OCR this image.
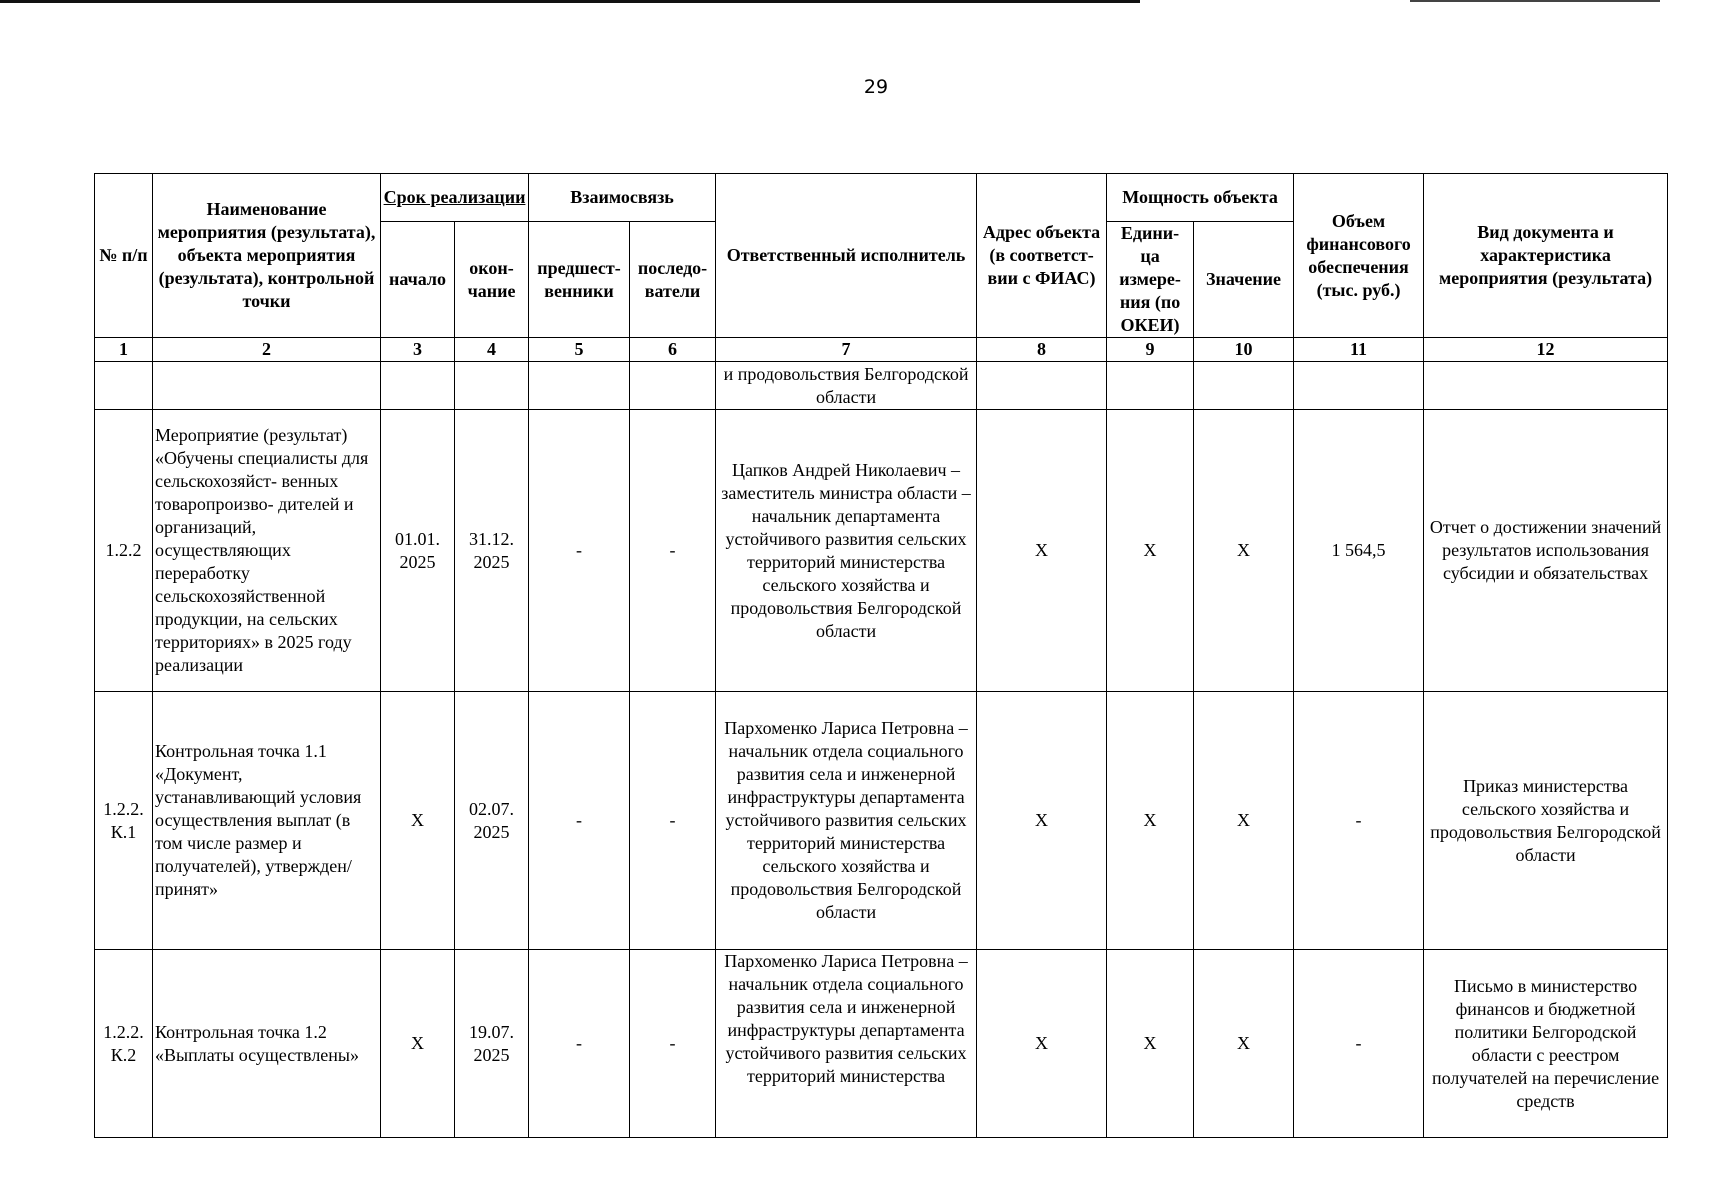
29
№ п/п	Наименование мероприятия (результата), объекта мероприятия (результата), контрольной точки	Срок реализации		Взаимосвязь		Ответственный исполнитель	Адрес объекта (в соответст- вии с ФИАС)	Мощность объекта		Объем финансового обеспечения (тыс. руб.)	Вид документа и характеристика мероприятия (результата)
		начало	окон- чание	предшест- венники	последо- ватели			Едини- ца измере- ния (по ОКЕИ)	Значение		
1	2	3	4	5	6	7	8	9	10	11	12
						и продовольствия Белгородской области					
1.2.2	Мероприятие (результат) «Обучены специалисты для сельскохозяйст- венных товаропроизво- дителей и организаций, осуществляющих переработку сельскохозяйственной продукции, на сельских территориях» в 2025 году реализации	01.01. 2025	31.12. 2025	-	-	Цапков Андрей Николаевич – заместитель министра области – начальник департамента устойчивого развития сельских территорий министерства сельского хозяйства и продовольствия Белгородской области	X	X	X	1 564,5	Отчет о достижении значений результатов использования субсидии и обязательствах
1.2.2. К.1	Контрольная точка 1.1 «Документ, устанавливающий условия осуществления выплат (в том числе размер и получателей), утвержден/принят»	X	02.07. 2025	-	-	Пархоменко Лариса Петровна – начальник отдела социального развития села и инженерной инфраструктуры департамента устойчивого развития сельских территорий министерства сельского хозяйства и продовольствия Белгородской области	X	X	X	-	Приказ министерства сельского хозяйства и продовольствия Белгородской области
1.2.2. К.2	Контрольная точка 1.2 «Выплаты осуществлены»	X	19.07. 2025	-	-	Пархоменко Лариса Петровна – начальник отдела социального развития села и инженерной инфраструктуры департамента устойчивого развития сельских территорий министерства	X	X	X	-	Письмо в министерство финансов и бюджетной политики Белгородской области с реестром получателей на перечисление средств
